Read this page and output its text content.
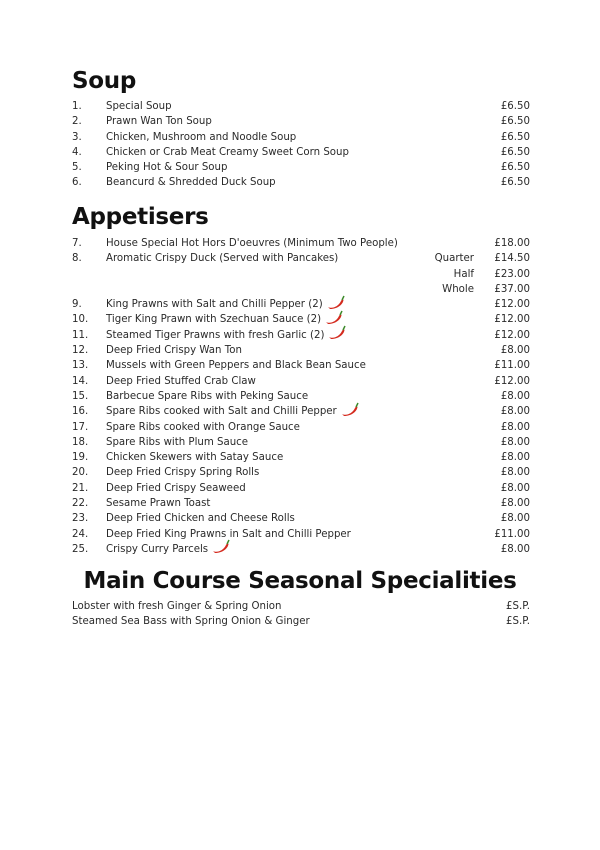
Soup
1. Special Soup	£6.50
2. Prawn Wan Ton Soup	£6.50
3. Chicken, Mushroom and Noodle Soup	£6.50
4. Chicken or Crab Meat Creamy Sweet Corn Soup	£6.50
5. Peking Hot & Sour Soup	£6.50
6. Beancurd & Shredded Duck Soup	£6.50
Appetisers
7. House Special Hot Hors D'oeuvres (Minimum Two People)	£18.00
8. Aromatic Crispy Duck (Served with Pancakes)	Quarter £14.50
Half £23.00
Whole £37.00
9. King Prawns with Salt and Chilli Pepper (2)	£12.00
10. Tiger King Prawn with Szechuan Sauce (2)	£12.00
11. Steamed Tiger Prawns with fresh Garlic (2)	£12.00
12. Deep Fried Crispy Wan Ton	£8.00
13. Mussels with Green Peppers and Black Bean Sauce	£11.00
14. Deep Fried Stuffed Crab Claw	£12.00
15. Barbecue Spare Ribs with Peking Sauce	£8.00
16. Spare Ribs cooked with Salt and Chilli Pepper	£8.00
17. Spare Ribs cooked with Orange Sauce	£8.00
18. Spare Ribs with Plum Sauce	£8.00
19. Chicken Skewers with Satay Sauce	£8.00
20. Deep Fried Crispy Spring Rolls	£8.00
21. Deep Fried Crispy Seaweed	£8.00
22. Sesame Prawn Toast	£8.00
23. Deep Fried Chicken and Cheese Rolls	£8.00
24. Deep Fried King Prawns in Salt and Chilli Pepper	£11.00
25. Crispy Curry Parcels	£8.00
Main Course Seasonal Specialities
Lobster with fresh Ginger & Spring Onion	£S.P.
Steamed Sea Bass with Spring Onion & Ginger	£S.P.
